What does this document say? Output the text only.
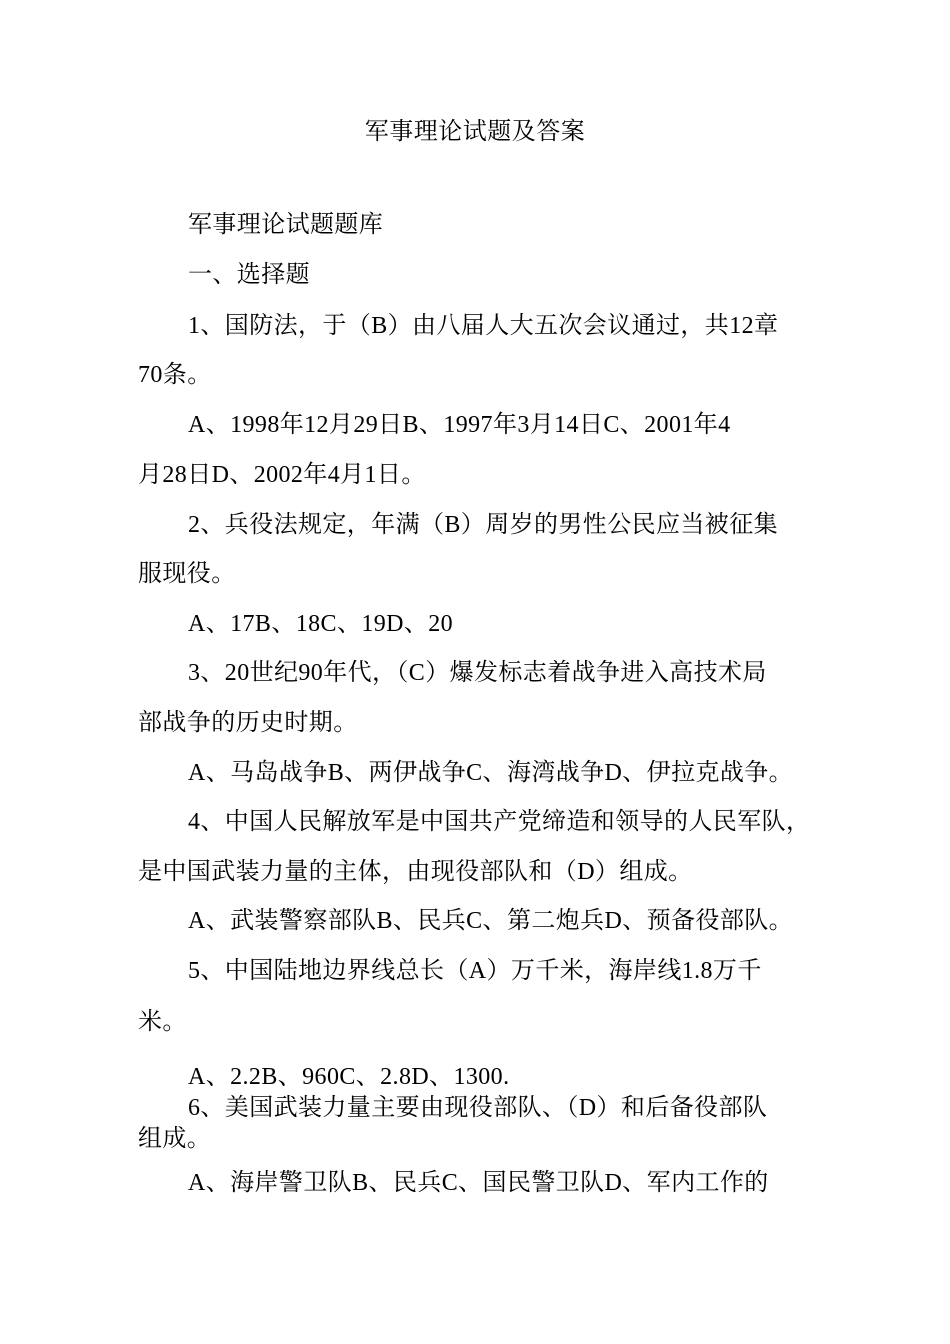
军事理论试题及答案
军事理论试题题库
一、选择题
1、国防法，于（B）由八届人大五次会议通过，共12章
70条。
A、1998年12月29日B、1997年3月14日C、2001年4
月28日D、2002年4月1日。
2、兵役法规定，年满（B）周岁的男性公民应当被征集
服现役。
A、17B、18C、19D、20
3、20世纪90年代，（C）爆发标志着战争进入高技术局
部战争的历史时期。
A、马岛战争B、两伊战争C、海湾战争D、伊拉克战争。
4、中国人民解放军是中国共产党缔造和领导的人民军队，
是中国武装力量的主体，由现役部队和（D）组成。
A、武装警察部队B、民兵C、第二炮兵D、预备役部队。
5、中国陆地边界线总长（A）万千米，海岸线1.8万千
米。
A、2.2B、960C、2.8D、1300.
6、美国武装力量主要由现役部队、（D）和后备役部队
组成。
A、海岸警卫队B、民兵C、国民警卫队D、军内工作的
